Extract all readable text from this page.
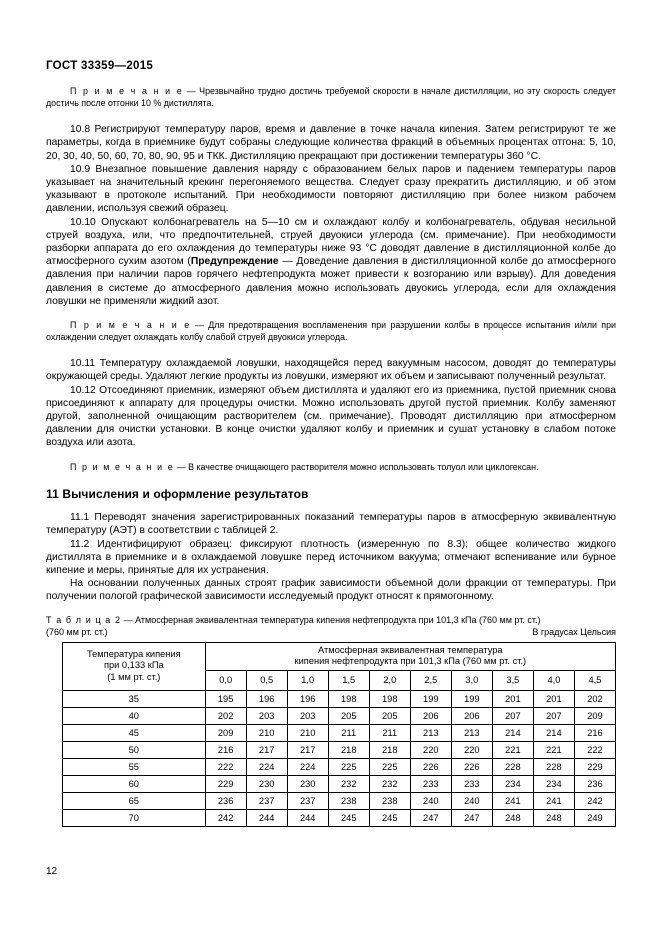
ГОСТ 33359—2015

П р и м е ч а н и е — Чрезвычайно трудно достичь требуемой скорости в начале дистилляции, но эту скорость следует достичь после отгонки 10 % дистиллята.

10.8 Регистрируют температуру паров, время и давление в точке начала кипения. Затем регистрируют те же параметры, когда в приемнике будут собраны следующие количества фракций в объемных процентах отгона: 5, 10, 20, 30, 40, 50, 60, 70, 80, 90, 95 и ТКК. Дистилляцию прекращают при достижении температуры 360 °С.

10.9 Внезапное повышение давления наряду с образованием белых паров и падением температуры паров указывает на значительный крекинг перегоняемого вещества. Следует сразу прекратить дистилляцию, и об этом указывают в протоколе испытаний. При необходимости повторяют дистилляцию при более низком рабочем давлении, используя свежий образец.

10.10 Опускают колбонагреватель на 5—10 см и охлаждают колбу и колбонагреватель, обдувая несильной струей воздуха, или, что предпочтительней, струей двуокиси углерода (см. примечание). При необходимости разборки аппарата до его охлаждения до температуры ниже 93 °С доводят давление в дистилляционной колбе до атмосферного сухим азотом (Предупреждение — Доведение давления в дистилляционной колбе до атмосферного давления при наличии паров горячего нефтепродукта может привести к возгоранию или взрыву). Для доведения давления в системе до атмосферного давления можно использовать двуокись углерода, если для охлаждения ловушки не применяли жидкий азот.

П р и м е ч а н и е — Для предотвращения воспламенения при разрушении колбы в процессе испытания и/или при охлаждении следует охлаждать колбу слабой струей двуокиси углерода.

10.11 Температуру охлаждаемой ловушки, находящейся перед вакуумным насосом, доводят до температуры окружающей среды. Удаляют легкие продукты из ловушки, измеряют их объем и записывают полученный результат.

10.12 Отсоединяют приемник, измеряют объем дистиллята и удаляют его из приемника, пустой приемник снова присоединяют к аппарату для процедуры очистки. Можно использовать другой пустой приемник. Колбу заменяют другой, заполненной очищающим растворителем (см. примечание). Проводят дистилляцию при атмосферном давлении для очистки установки. В конце очистки удаляют колбу и приемник и сушат установку в слабом потоке воздуха или азота.

П р и м е ч а н и е — В качестве очищающего растворителя можно использовать толуол или циклогексан.

11 Вычисления и оформление результатов

11.1 Переводят значения зарегистрированных показаний температуры паров в атмосферную эквивалентную температуру (АЭТ) в соответствии с таблицей 2.

11.2 Идентифицируют образец: фиксируют плотность (измеренную по 8.3); общее количество жидкого дистиллята в приемнике и в охлаждаемой ловушке перед источником вакуума; отмечают вспенивание или бурное кипение и меры, принятые для их устранения.

На основании полученных данных строят график зависимости объемной доли фракции от температуры. При получении пологой графической зависимости исследуемый продукт относят к прямогонному.

Т а б л и ц а 2 — Атмосферная эквивалентная температура кипения нефтепродукта при 101,3 кПа (760 мм рт. ст.)

(760 мм рт. ст.)	В градусах Цельсия
Температура кипения
при 0,133 кПа
(1 мм рт. ст.)

Атмосферная эквивалентная температура
кипения нефтепродукта при 101,3 кПа (760 мм рт. ст.)

	0,0	0,5	1,0	1,5	2,0	2,5	3,0	3,5	4,0	4,5
35	195	196	196	198	198	199	199	201	201	202
40	202	203	203	205	205	206	206	207	207	209
45	209	210	210	211	211	213	213	214	214	216
50	216	217	217	218	218	220	220	221	221	222
55	222	224	224	225	225	226	226	228	228	229
60	229	230	230	232	232	233	233	234	234	236
65	236	237	237	238	238	240	240	241	241	242
70	242	244	244	245	245	247	247	248	248	249
12
